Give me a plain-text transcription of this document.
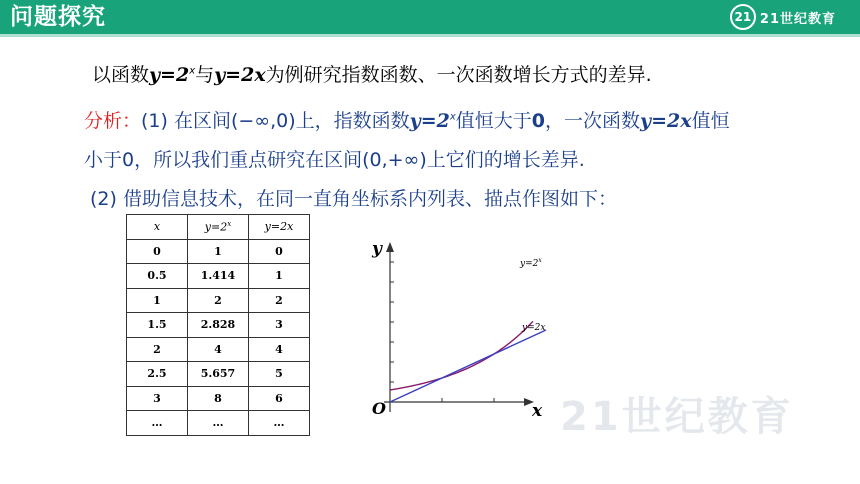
问题探究	21 21世纪教育
以函数$y=2^x$与y=2x为例研究指数函数、一次函数增长方式的差异.
分析：(1) 在区间(−∞,0)上，指数函数$y=2^x$值恒大于0，一次函数y=2x值恒
小于0，所以我们重点研究在区间(0,+∞)上它们的增长差异.
(2) 借助信息技术，在同一直角坐标系内列表、描点作图如下：
x	$y=2^x$	y=2x
0	1	0
0.5	1.414	1
1	2	2
1.5	2.828	3
2	4	4
2.5	5.657	5
3	8	6
…	…	…
y
x
O
$y=2^x$
y=2x
21世纪教育
